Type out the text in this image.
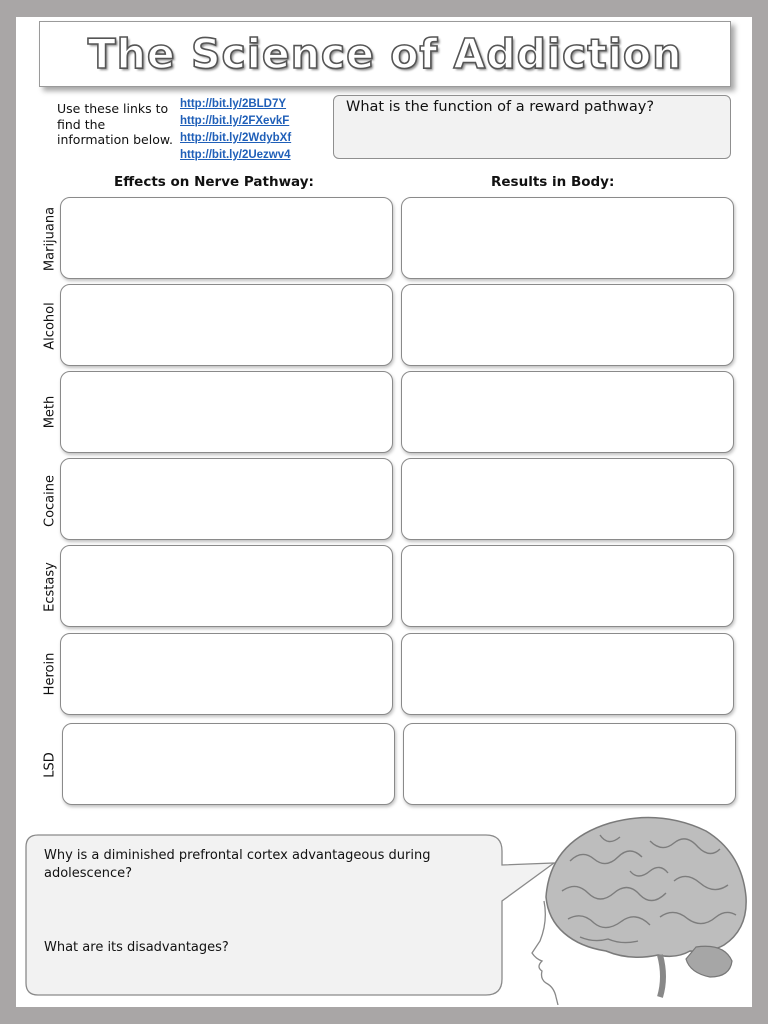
The Science of Addiction
Use these links to find the information below.
http://bit.ly/2BLD7Y
http://bit.ly/2FXevkF
http://bit.ly/2WdybXf
http://bit.ly/2Uezwv4
What is the function of a reward pathway?
Effects on Nerve Pathway:	Results in Body:
Marijuana
Alcohol
Meth
Cocaine
Ecstasy
Heroin
LSD
Why is a diminished prefrontal cortex advantageous during adolescence?
What are its disadvantages?
